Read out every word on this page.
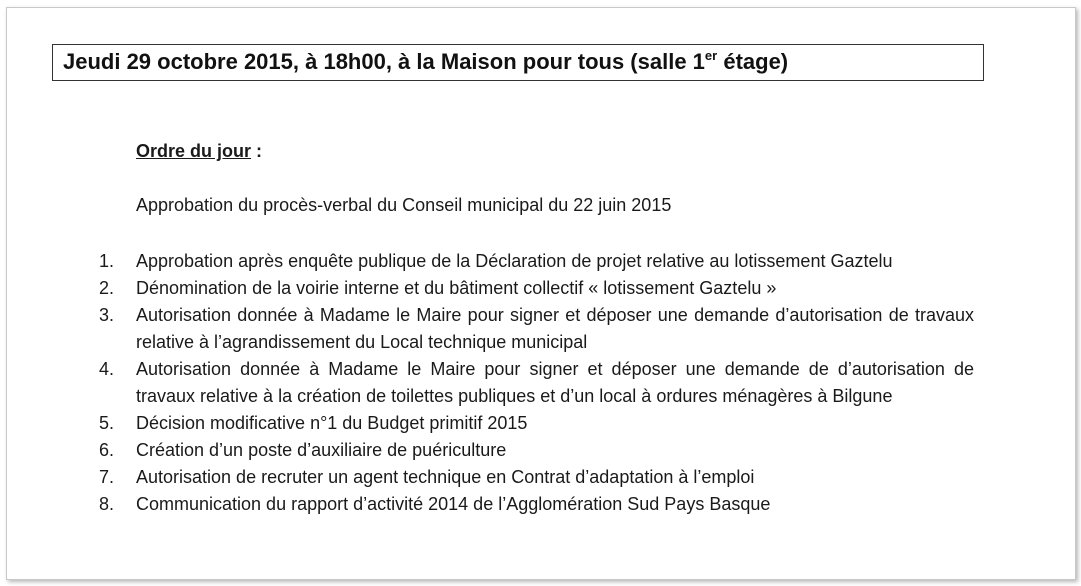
Jeudi 29 octobre 2015, à 18h00, à la Maison pour tous (salle 1er étage)
Ordre du jour :
Approbation du procès-verbal du Conseil municipal du 22 juin 2015
1. Approbation après enquête publique de la Déclaration de projet relative au lotissement Gaztelu
2. Dénomination de la voirie interne et du bâtiment collectif « lotissement Gaztelu »
3. Autorisation donnée à Madame le Maire pour signer et déposer une demande d’autorisation de travaux relative à l’agrandissement du Local technique municipal
4. Autorisation donnée à Madame le Maire pour signer et déposer une demande de d’autorisation de travaux relative à la création de toilettes publiques et d’un local à ordures ménagères à Bilgune
5. Décision modificative n°1 du Budget primitif 2015
6. Création d’un poste d’auxiliaire de puériculture
7. Autorisation de recruter un agent technique en Contrat d’adaptation à l’emploi
8. Communication du rapport d’activité 2014 de l’Agglomération Sud Pays Basque
